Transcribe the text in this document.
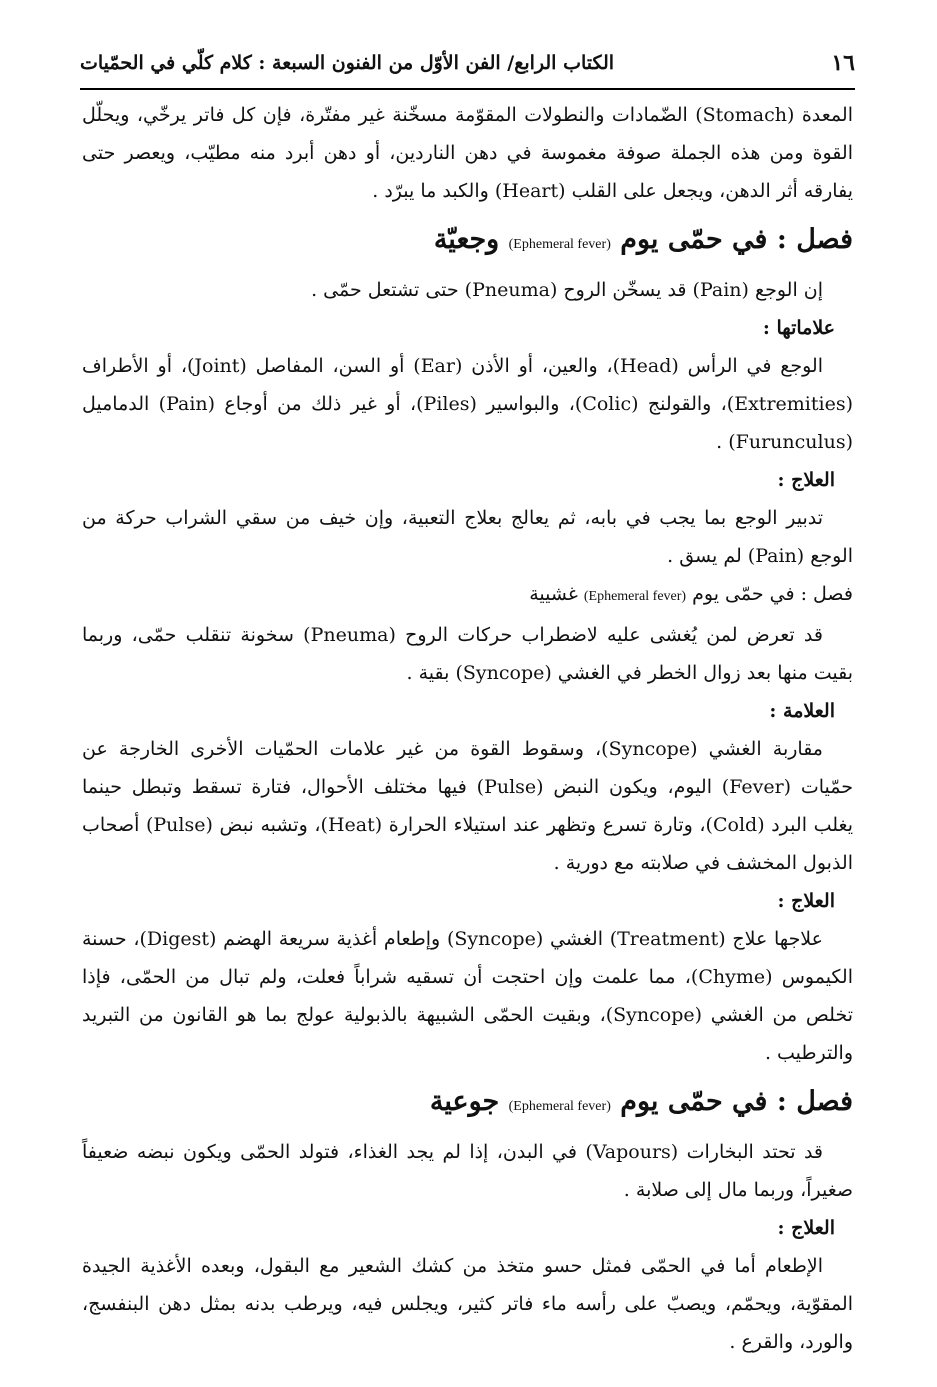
١٦
الكتاب الرابع/ الفن الأوّل من الفنون السبعة : كلام كلّي في الحمّيات

المعدة (Stomach) الضّمادات والنطولات المقوّمة مسخّنة غير مفتّرة، فإن كل فاتر يرخّي، ويحلّل القوة ومن هذه الجملة صوفة مغموسة في دهن الناردين، أو دهن أبرد منه مطيّب، ويعصر حتى يفارقه أثر الدهن، ويجعل على القلب (Heart) والكبد ما يبرّد .

فصل : في حمّى يوم (Ephemeral fever) وجعيّة

إن الوجع (Pain) قد يسخّن الروح (Pneuma) حتى تشتعل حمّى .

علاماتها :

الوجع في الرأس (Head)، والعين، أو الأذن (Ear) أو السن، المفاصل (Joint)، أو الأطراف (Extremities)، والقولنج (Colic)، والبواسير (Piles)، أو غير ذلك من أوجاع (Pain) الدماميل (Furunculus) .

العلاج :

تدبير الوجع بما يجب في بابه، ثم يعالج بعلاج التعبية، وإن خيف من سقي الشراب حركة من الوجع (Pain) لم يسق .

فصل : في حمّى يوم (Ephemeral fever) غشيية

قد تعرض لمن يُغشى عليه لاضطراب حركات الروح (Pneuma) سخونة تنقلب حمّى، وربما بقيت منها بعد زوال الخطر في الغشي (Syncope) بقية .

العلامة :

مقاربة الغشي (Syncope)، وسقوط القوة من غير علامات الحمّيات الأخرى الخارجة عن حمّيات (Fever) اليوم، ويكون النبض (Pulse) فيها مختلف الأحوال، فتارة تسقط وتبطل حينما يغلب البرد (Cold)، وتارة تسرع وتظهر عند استيلاء الحرارة (Heat)، وتشبه نبض (Pulse) أصحاب الذبول المخشف في صلابته مع دورية .

العلاج :

علاجها علاج (Treatment) الغشي (Syncope) وإطعام أغذية سريعة الهضم (Digest)، حسنة الكيموس (Chyme)، مما علمت وإن احتجت أن تسقيه شراباً فعلت، ولم تبال من الحمّى، فإذا تخلص من الغشي (Syncope)، وبقيت الحمّى الشبيهة بالذبولية عولج بما هو القانون من التبريد والترطيب .

فصل : في حمّى يوم (Ephemeral fever) جوعية

قد تحتد البخارات (Vapours) في البدن، إذا لم يجد الغذاء، فتولد الحمّى ويكون نبضه ضعيفاً صغيراً، وربما مال إلى صلابة .

العلاج :

الإطعام أما في الحمّى فمثل حسو متخذ من كشك الشعير مع البقول، وبعده الأغذية الجيدة المقوّية، ويحمّم، ويصبّ على رأسه ماء فاتر كثير، ويجلس فيه، ويرطب بدنه بمثل دهن البنفسج، والورد، والقرع .
